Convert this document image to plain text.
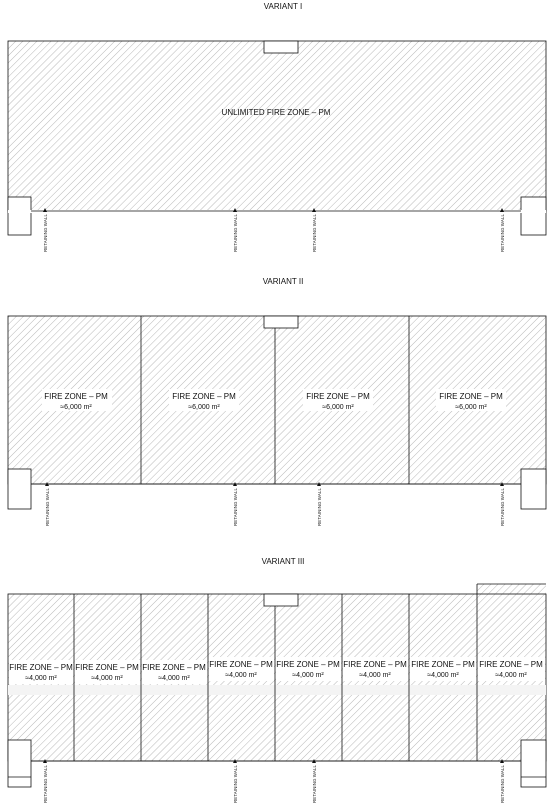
VARIANT I
UNLIMITED FIRE ZONE – PM
RETAINING WALL	RETAINING WALL	RETAINING WALL	RETAINING WALL
VARIANT II
FIRE ZONE – PM
≈6,000 m²
FIRE ZONE – PM
≈6,000 m²
FIRE ZONE – PM
≈6,000 m²
FIRE ZONE – PM
≈6,000 m²
RETAINING WALL	RETAINING WALL	RETAINING WALL	RETAINING WALL
VARIANT III
FIRE ZONE – PM
≈4,000 m²
FIRE ZONE – PM
≈4,000 m²
FIRE ZONE – PM
≈4,000 m²
FIRE ZONE – PM
≈4,000 m²
FIRE ZONE – PM
≈4,000 m²
FIRE ZONE – PM
≈4,000 m²
FIRE ZONE – PM
≈4,000 m²
FIRE ZONE – PM
≈4,000 m²
RETAINING WALL	RETAINING WALL	RETAINING WALL	RETAINING WALL
